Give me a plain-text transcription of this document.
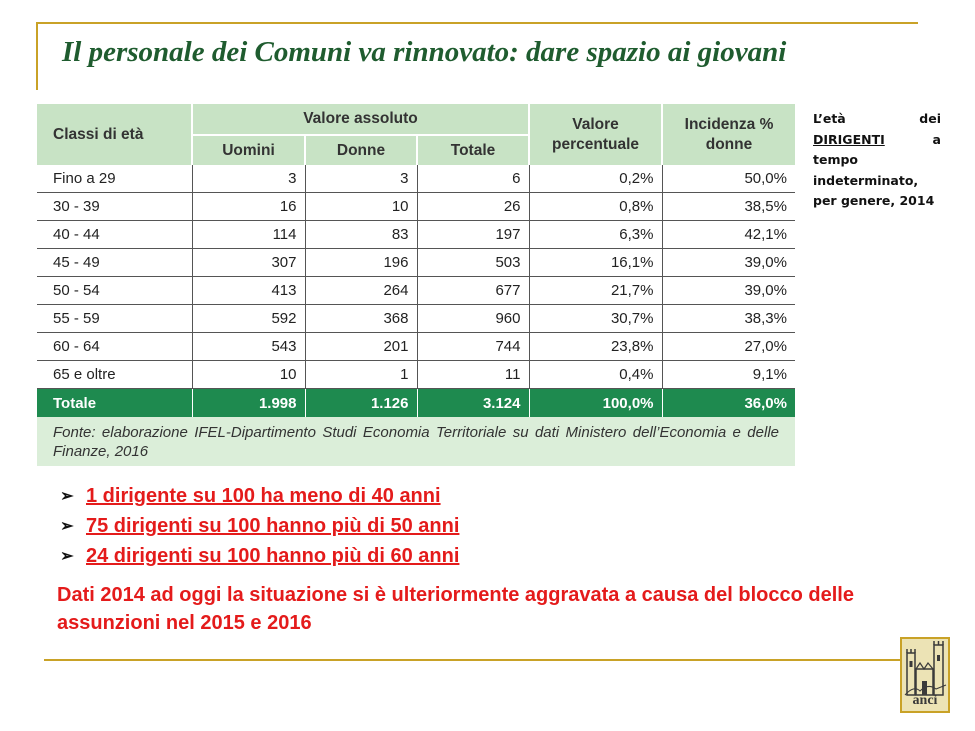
Il personale dei Comuni va rinnovato: dare spazio ai giovani
Classi di età	Valore assoluto			Valore percentuale	Incidenza % donne
	Uomini	Donne	Totale		
Fino a 29	3	3	6	0,2%	50,0%
30 - 39	16	10	26	0,8%	38,5%
40 - 44	114	83	197	6,3%	42,1%
45 - 49	307	196	503	16,1%	39,0%
50 - 54	413	264	677	21,7%	39,0%
55 - 59	592	368	960	30,7%	38,3%
60 - 64	543	201	744	23,8%	27,0%
65 e oltre	10	1	11	0,4%	9,1%
Totale	1.998	1.126	3.124	100,0%	36,0%
Fonte: elaborazione IFEL-Dipartimento Studi Economia Territoriale su dati Ministero dell’Economia e delle Finanze, 2016
L’età dei DIRIGENTI a tempo indeterminato, per genere, 2014
➢ 1 dirigente su 100 ha meno di 40 anni
➢ 75 dirigenti su 100 hanno più di 50 anni
➢ 24 dirigenti su 100 hanno più di 60 anni
Dati 2014 ad oggi la situazione si è ulteriormente aggravata a causa del blocco delle assunzioni nel 2015 e 2016
anci
